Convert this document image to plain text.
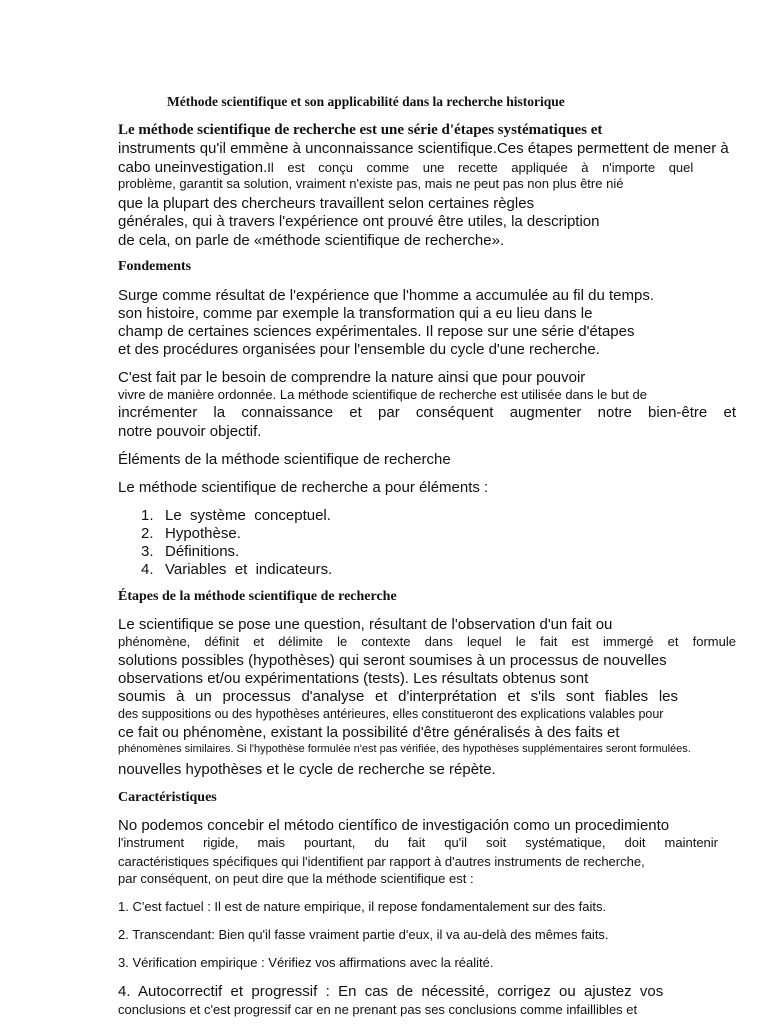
Méthode scientifique et son applicabilité dans la recherche historique

Le méthode scientifique de recherche est une série d'étapes systématiques et

instruments qu'il emmène à unconnaissance scientifique.Ces étapes permettent de mener à

cabo uneinvestigation.Il est conçu comme une recette appliquée à n'importe quel

problème, garantit sa solution, vraiment n'existe pas, mais ne peut pas non plus être nié

que la plupart des chercheurs travaillent selon certaines règles

générales, qui à travers l'expérience ont prouvé être utiles, la description

de cela, on parle de «méthode scientifique de recherche».

Fondements

Surge comme résultat de l'expérience que l'homme a accumulée au fil du temps.

son histoire, comme par exemple la transformation qui a eu lieu dans le

champ de certaines sciences expérimentales. Il repose sur une série d'étapes

et des procédures organisées pour l'ensemble du cycle d'une recherche.

C'est fait par le besoin de comprendre la nature ainsi que pour pouvoir

vivre de manière ordonnée. La méthode scientifique de recherche est utilisée dans le but de

incrémenter la connaissance et par conséquent augmenter notre bien-être et

notre pouvoir objectif.

Éléments de la méthode scientifique de recherche

Le méthode scientifique de recherche a pour éléments :

1. Le  système  conceptuel.
2. Hypothèse.
3. Définitions.
4. Variables  et  indicateurs.

Étapes de la méthode scientifique de recherche

Le scientifique se pose une question, résultant de l'observation d'un fait ou

phénomène, définit et délimite le contexte dans lequel le fait est immergé et formule

solutions possibles (hypothèses) qui seront soumises à un processus de nouvelles

observations et/ou expérimentations (tests). Les résultats obtenus sont

soumis à un processus d'analyse et d'interprétation et s'ils sont fiables les

des suppositions ou des hypothèses antérieures, elles constitueront des explications valables pour

ce fait ou phénomène, existant la possibilité d'être généralisés à des faits et

phénomènes similaires. Si l'hypothèse formulée n'est pas vérifiée, des hypothèses supplémentaires seront formulées.

nouvelles hypothèses et le cycle de recherche se répète.

Caractéristiques

No podemos concebir el método científico de investigación como un procedimiento

l'instrument rigide, mais pourtant, du fait qu'il soit systématique, doit maintenir

caractéristiques spécifiques qui l'identifient par rapport à d'autres instruments de recherche,

par conséquent, on peut dire que la méthode scientifique est :

1. C'est factuel : Il est de nature empirique, il repose fondamentalement sur des faits.

2. Transcendant: Bien qu'il fasse vraiment partie d'eux, il va au-delà des mêmes faits.

3. Vérification empirique : Vérifiez vos affirmations avec la réalité.

4.  Autocorrectif  et  progressif  :  En  cas  de  nécessité,  corrigez  ou  ajustez  vos

conclusions et c'est progressif car en ne prenant pas ses conclusions comme infaillibles et
